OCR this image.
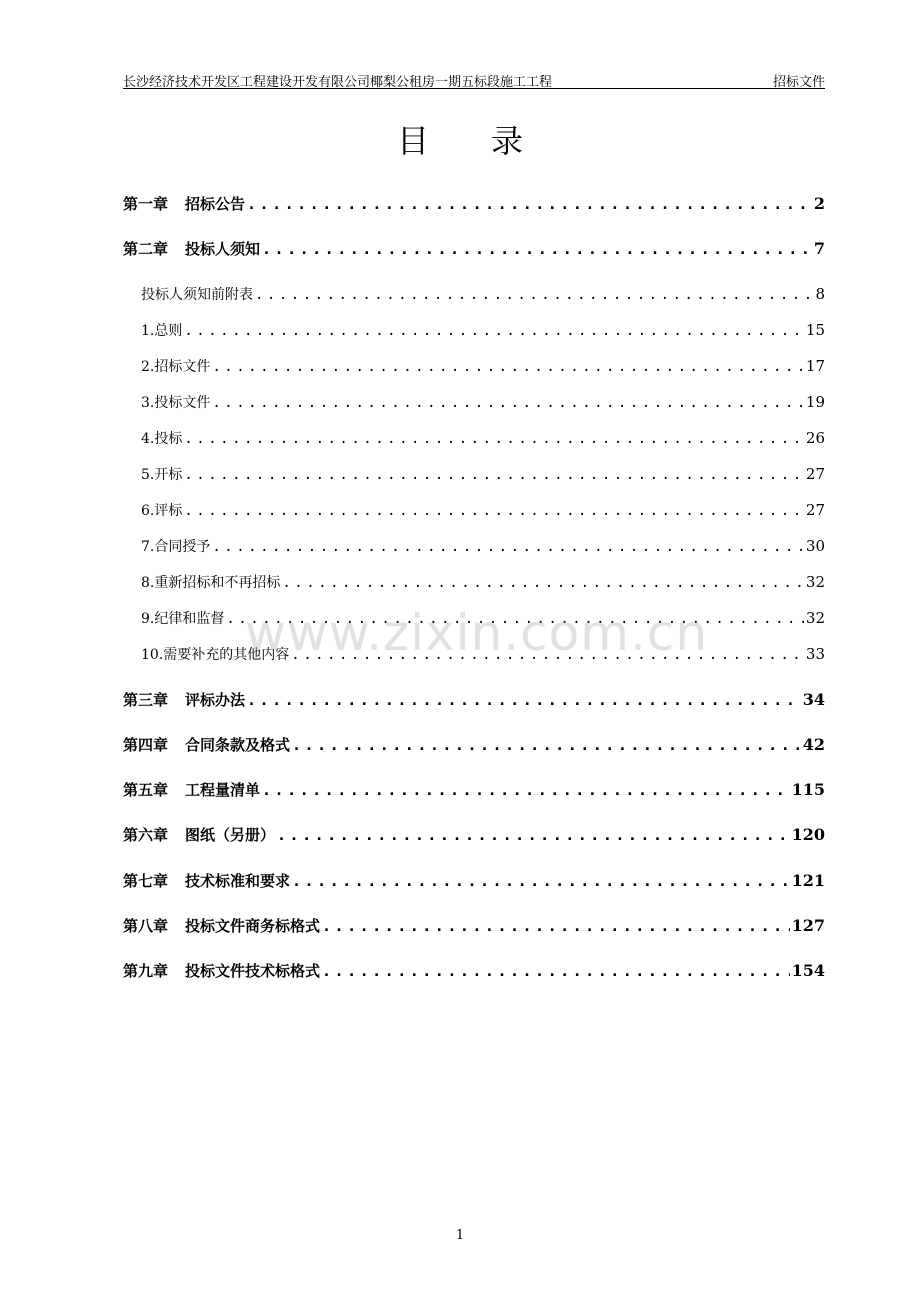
长沙经济技术开发区工程建设开发有限公司椰梨公租房一期五标段施工工程	招标文件
目录
第一章	招标公告 .....	2
第二章	投标人须知 .....	7
投标人须知前附表 .....	8
1.总则 .....	15
2.招标文件 .....	17
3.投标文件 .....	19
4.投标 .....	26
5.开标 .....	27
6.评标 .....	27
7.合同授予 .....	30
8.重新招标和不再招标 .....	32
9.纪律和监督 .....	32
10.需要补充的其他内容 .....	33
第三章	评标办法 .....	34
第四章	合同条款及格式 .....	42
第五章	工程量清单 .....	115
第六章	图纸（另册） .....	120
第七章	技术标准和要求 .....	121
第八章	投标文件商务标格式 .....	127
第九章	投标文件技术标格式 .....	154
www.zixin.com.cn
1
